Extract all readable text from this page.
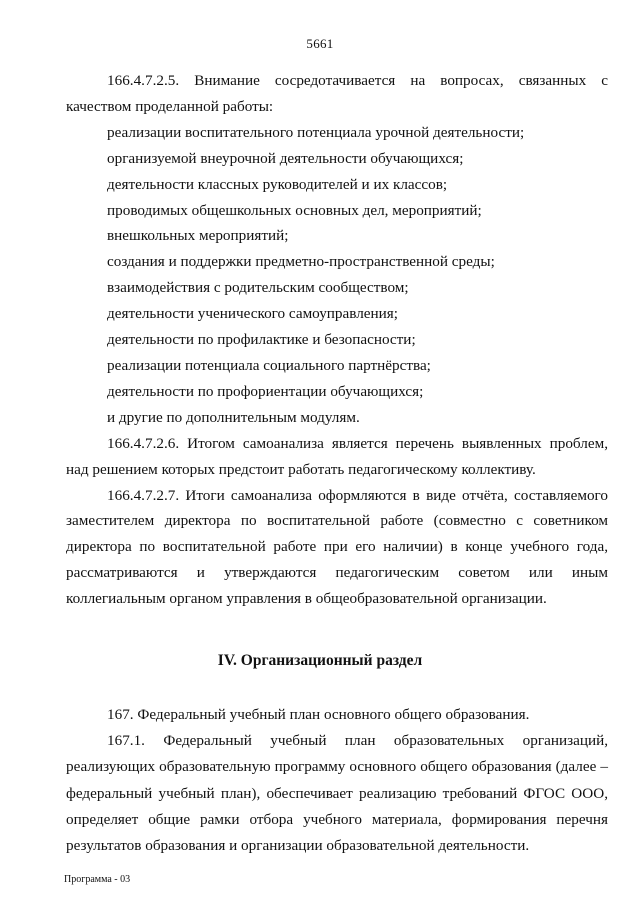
5661

166.4.7.2.5. Внимание сосредотачивается на вопросах, связанных с качеством проделанной работы:

реализации воспитательного потенциала урочной деятельности;

организуемой внеурочной деятельности обучающихся;

деятельности классных руководителей и их классов;

проводимых общешкольных основных дел, мероприятий;

внешкольных мероприятий;

создания и поддержки предметно-пространственной среды;

взаимодействия с родительским сообществом;

деятельности ученического самоуправления;

деятельности по профилактике и безопасности;

реализации потенциала социального партнёрства;

деятельности по профориентации обучающихся;

и другие по дополнительным модулям.

166.4.7.2.6. Итогом самоанализа является перечень выявленных проблем, над решением которых предстоит работать педагогическому коллективу.

166.4.7.2.7. Итоги самоанализа оформляются в виде отчёта, составляемого заместителем директора по воспитательной работе (совместно с советником директора по воспитательной работе при его наличии) в конце учебного года, рассматриваются и утверждаются педагогическим советом или иным коллегиальным органом управления в общеобразовательной организации.

IV. Организационный раздел

167. Федеральный учебный план основного общего образования.

167.1. Федеральный учебный план образовательных организаций, реализующих образовательную программу основного общего образования (далее – федеральный учебный план), обеспечивает реализацию требований ФГОС ООО, определяет общие рамки отбора учебного материала, формирования перечня результатов образования и организации образовательной деятельности.

Программа - 03
